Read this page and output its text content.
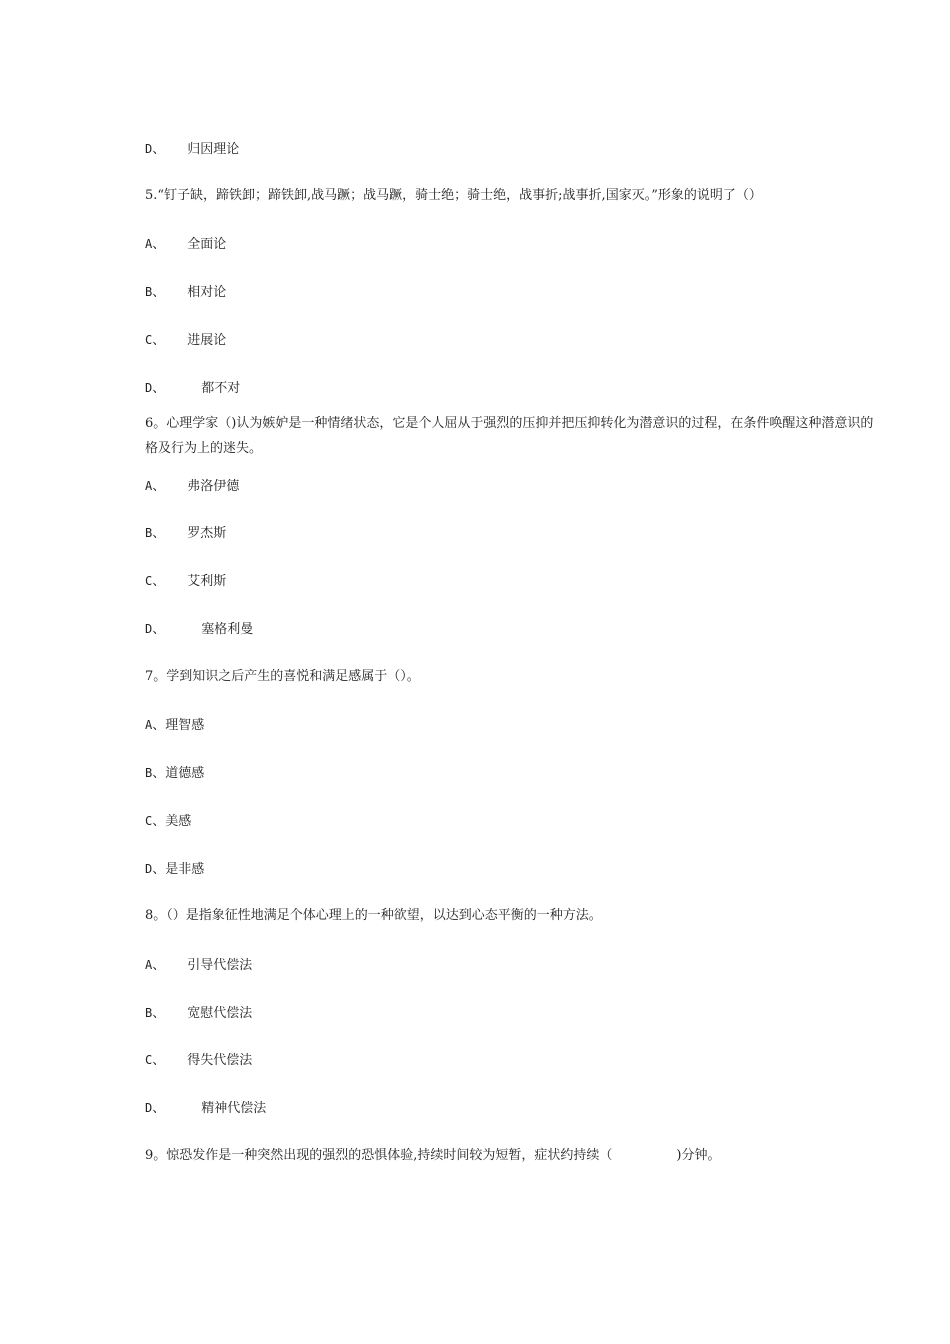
D、 归因理论
5.“钉子缺，蹄铁卸；蹄铁卸,战马蹶；战马蹶，骑士绝；骑士绝，战事折;战事折,国家灭。”形象的说明了（）
A、 全面论
B、 相对论
C、 进展论
D、	都不对
6。心理学家（)认为嫉妒是一种情绪状态，它是个人屈从于强烈的压抑并把压抑转化为潜意识的过程，在条件唤醒这种潜意识的
格及行为上的迷失。
A、 弗洛伊德
B、 罗杰斯
C、 艾利斯
D、	塞格利曼
7。学到知识之后产生的喜悦和满足感属于（）。
A、理智感
B、道德感
C、美感
D、是非感
8。（）是指象征性地满足个体心理上的一种欲望，以达到心态平衡的一种方法。
A、 引导代偿法
B、 宽慰代偿法
C、 得失代偿法
D、	精神代偿法
9。惊恐发作是一种突然出现的强烈的恐惧体验,持续时间较为短暂，症状约持续（	)分钟。
